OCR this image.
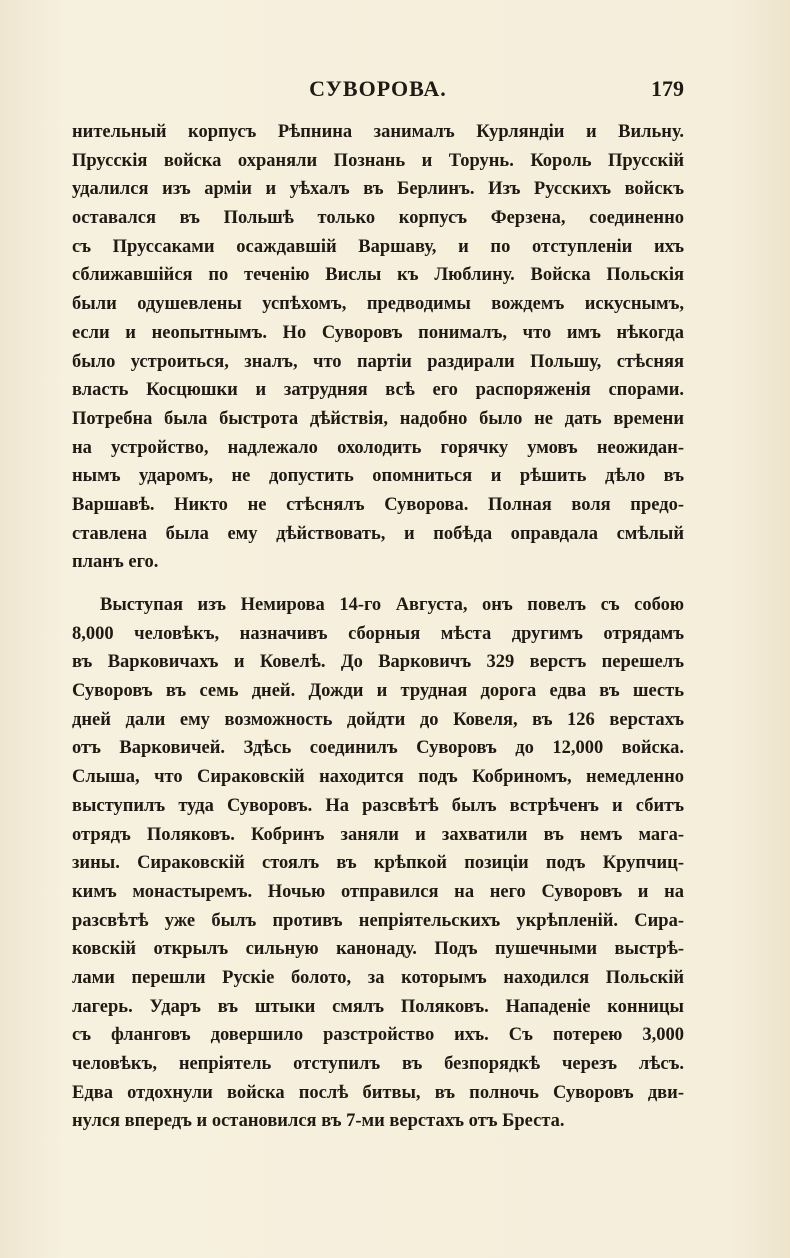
СУВОРОВА.	179
нительный корпусъ Рѣпнина занималъ Курляндiи и Вильну.
Прусскiя войска охраняли Познань и Торунь. Король Прусскiй
удалился изъ армiи и уѣхалъ въ Берлинъ. Изъ Русскихъ войскъ
оставался въ Польшѣ только корпусъ Ферзена, соединенно
съ Пруссаками осаждавшiй Варшаву, и по отступленiи ихъ
сближавшiйся по теченiю Вислы къ Люблину. Войска Польскiя
были одушевлены успѣхомъ, предводимы вождемъ искуснымъ,
если и неопытнымъ. Но Суворовъ понималъ, что имъ нѣкогда
было устроиться, зналъ, что партiи раздирали Польшу, стѣсняя
власть Косцюшки и затрудняя всѣ его распоряженiя спорами.
Потребна была быстрота дѣйствiя, надобно было не дать времени
на устройство, надлежало охолодить горячку умовъ неожидан-
нымъ ударомъ, не допустить опомниться и рѣшить дѣло въ
Варшавѣ. Никто не стѣснялъ Суворова. Полная воля предо-
ставлена была ему дѣйствовать, и побѣда оправдала смѣлый
планъ его.
Выступая изъ Немирова 14-го Августа, онъ повелъ съ собою
8,000 человѣкъ, назначивъ сборныя мѣста другимъ отрядамъ
въ Варковичахъ и Ковелѣ. До Варковичъ 329 верстъ перешелъ
Суворовъ въ семь дней. Дожди и трудная дорога едва въ шесть
дней дали ему возможность дойдти до Ковеля, въ 126 верстахъ
отъ Варковичей. Здѣсь соединилъ Суворовъ до 12,000 войска.
Слыша, что Сираковскiй находится подъ Кобриномъ, немедленно
выступилъ туда Суворовъ. На разсвѣтѣ былъ встрѣченъ и сбитъ
отрядъ Поляковъ. Кобринъ заняли и захватили въ немъ мага-
зины. Сираковскiй стоялъ въ крѣпкой позицiи подъ Крупчиц-
кимъ монастыремъ. Ночью отправился на него Суворовъ и на
разсвѣтѣ уже былъ противъ непрiятельскихъ укрѣпленiй. Сира-
ковскiй открылъ сильную канонаду. Подъ пушечными выстрѣ-
лами перешли Рускiе болото, за которымъ находился Польскiй
лагерь. Ударъ въ штыки смялъ Поляковъ. Нападенiе конницы
съ фланговъ довершило разстройство ихъ. Съ потерею 3,000
человѣкъ, непрiятель отступилъ въ безпорядкѣ черезъ лѣсъ.
Едва отдохнули войска послѣ битвы, въ полночь Суворовъ дви-
нулся впередъ и остановился въ 7-ми верстахъ отъ Бреста.
